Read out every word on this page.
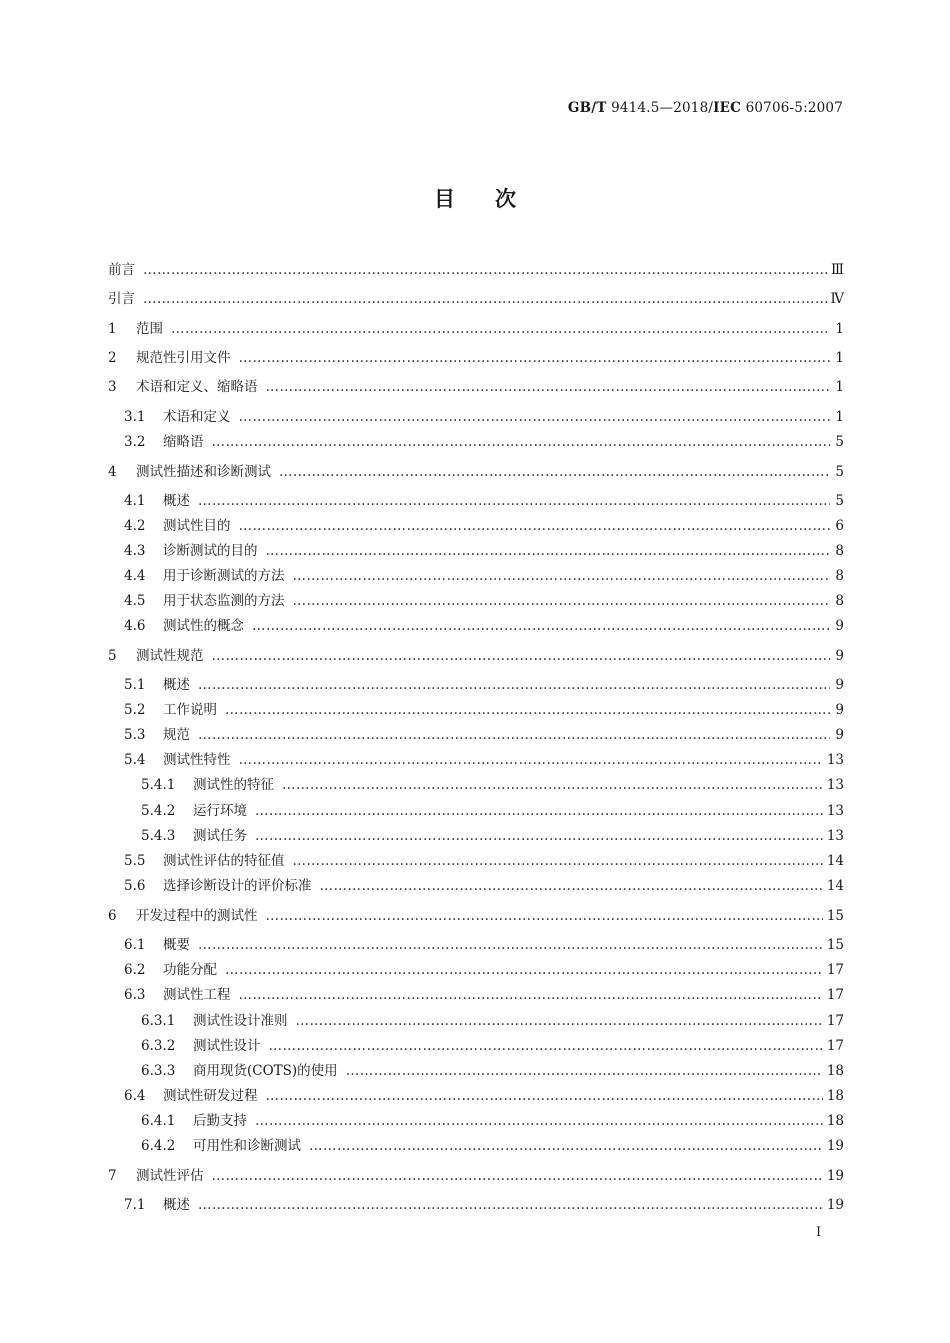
GB/T 9414.5—2018/IEC 60706-5:2007
目次
前言 …………………………………………………………………………………………………………………………………………………………………………………………………………	Ⅲ
引言 …………………………………………………………………………………………………………………………………………………………………………………………………………	Ⅳ
1	范围 …………………………………………………………………………………………………………………………………………………………………………………………………………	1
2	规范性引用文件 …………………………………………………………………………………………………………………………………………………………………………………………………………	1
3	术语和定义、缩略语 …………………………………………………………………………………………………………………………………………………………………………………………………………	1
3.1	术语和定义 …………………………………………………………………………………………………………………………………………………………………………………………………………	1
3.2	缩略语 …………………………………………………………………………………………………………………………………………………………………………………………………………	5
4	测试性描述和诊断测试 …………………………………………………………………………………………………………………………………………………………………………………………………………	5
4.1	概述 …………………………………………………………………………………………………………………………………………………………………………………………………………	5
4.2	测试性目的 …………………………………………………………………………………………………………………………………………………………………………………………………………	6
4.3	诊断测试的目的 …………………………………………………………………………………………………………………………………………………………………………………………………………	8
4.4	用于诊断测试的方法 …………………………………………………………………………………………………………………………………………………………………………………………………………	8
4.5	用于状态监测的方法 …………………………………………………………………………………………………………………………………………………………………………………………………………	8
4.6	测试性的概念 …………………………………………………………………………………………………………………………………………………………………………………………………………	9
5	测试性规范 …………………………………………………………………………………………………………………………………………………………………………………………………………	9
5.1	概述 …………………………………………………………………………………………………………………………………………………………………………………………………………	9
5.2	工作说明 …………………………………………………………………………………………………………………………………………………………………………………………………………	9
5.3	规范 …………………………………………………………………………………………………………………………………………………………………………………………………………	9
5.4	测试性特性 …………………………………………………………………………………………………………………………………………………………………………………………………………	13
5.4.1	测试性的特征 …………………………………………………………………………………………………………………………………………………………………………………………………………	13
5.4.2	运行环境 …………………………………………………………………………………………………………………………………………………………………………………………………………	13
5.4.3	测试任务 …………………………………………………………………………………………………………………………………………………………………………………………………………	13
5.5	测试性评估的特征值 …………………………………………………………………………………………………………………………………………………………………………………………………………	14
5.6	选择诊断设计的评价标准 …………………………………………………………………………………………………………………………………………………………………………………………………………	14
6	开发过程中的测试性 …………………………………………………………………………………………………………………………………………………………………………………………………………	15
6.1	概要 …………………………………………………………………………………………………………………………………………………………………………………………………………	15
6.2	功能分配 …………………………………………………………………………………………………………………………………………………………………………………………………………	17
6.3	测试性工程 …………………………………………………………………………………………………………………………………………………………………………………………………………	17
6.3.1	测试性设计准则 …………………………………………………………………………………………………………………………………………………………………………………………………………	17
6.3.2	测试性设计 …………………………………………………………………………………………………………………………………………………………………………………………………………	17
6.3.3	商用现货(COTS)的使用 …………………………………………………………………………………………………………………………………………………………………………………………………………	18
6.4	测试性研发过程 …………………………………………………………………………………………………………………………………………………………………………………………………………	18
6.4.1	后勤支持 …………………………………………………………………………………………………………………………………………………………………………………………………………	18
6.4.2	可用性和诊断测试 …………………………………………………………………………………………………………………………………………………………………………………………………………	19
7	测试性评估 …………………………………………………………………………………………………………………………………………………………………………………………………………	19
7.1	概述 …………………………………………………………………………………………………………………………………………………………………………………………………………	19
I
